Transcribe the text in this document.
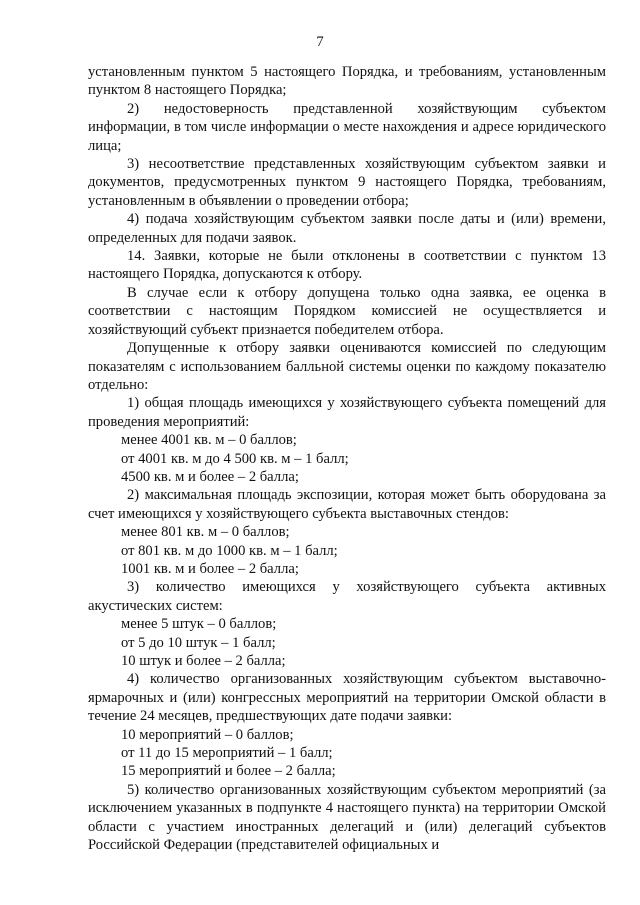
7

установленным пунктом 5 настоящего Порядка, и требованиям, установленным пунктом 8 настоящего Порядка;

2) недостоверность представленной хозяйствующим субъектом информации, в том числе информации о месте нахождения и адресе юридического лица;

3) несоответствие представленных хозяйствующим субъектом заявки и документов, предусмотренных пунктом 9 настоящего Порядка, требованиям, установленным в объявлении о проведении отбора;

4) подача хозяйствующим субъектом заявки после даты и (или) времени, определенных для подачи заявок.

14. Заявки, которые не были отклонены в соответствии с пунктом 13 настоящего Порядка, допускаются к отбору.

В случае если к отбору допущена только одна заявка, ее оценка в соответствии с настоящим Порядком комиссией не осуществляется и хозяйствующий субъект признается победителем отбора.

Допущенные к отбору заявки оцениваются комиссией по следующим показателям с использованием балльной системы оценки по каждому показателю отдельно:

1) общая площадь имеющихся у хозяйствующего субъекта помещений для проведения мероприятий:

менее 4001 кв. м – 0 баллов;

от 4001 кв. м до 4 500 кв. м – 1 балл;

4500 кв. м и более – 2 балла;

2) максимальная площадь экспозиции, которая может быть оборудована за счет имеющихся у хозяйствующего субъекта выставочных стендов:

менее 801 кв. м – 0 баллов;

от 801 кв. м до 1000 кв. м – 1 балл;

1001 кв. м и более – 2 балла;

3) количество имеющихся у хозяйствующего субъекта активных акустических систем:

менее 5 штук – 0 баллов;

от 5 до 10 штук – 1 балл;

10 штук и более – 2 балла;

4) количество организованных хозяйствующим субъектом выставочно-ярмарочных и (или) конгрессных мероприятий на территории Омской области в течение 24 месяцев, предшествующих дате подачи заявки:

10 мероприятий – 0 баллов;

от 11 до 15 мероприятий – 1 балл;

15 мероприятий и более – 2 балла;

5) количество организованных хозяйствующим субъектом мероприятий (за исключением указанных в подпункте 4 настоящего пункта) на территории Омской области с участием иностранных делегаций и (или) делегаций субъектов Российской Федерации (представителей официальных и
